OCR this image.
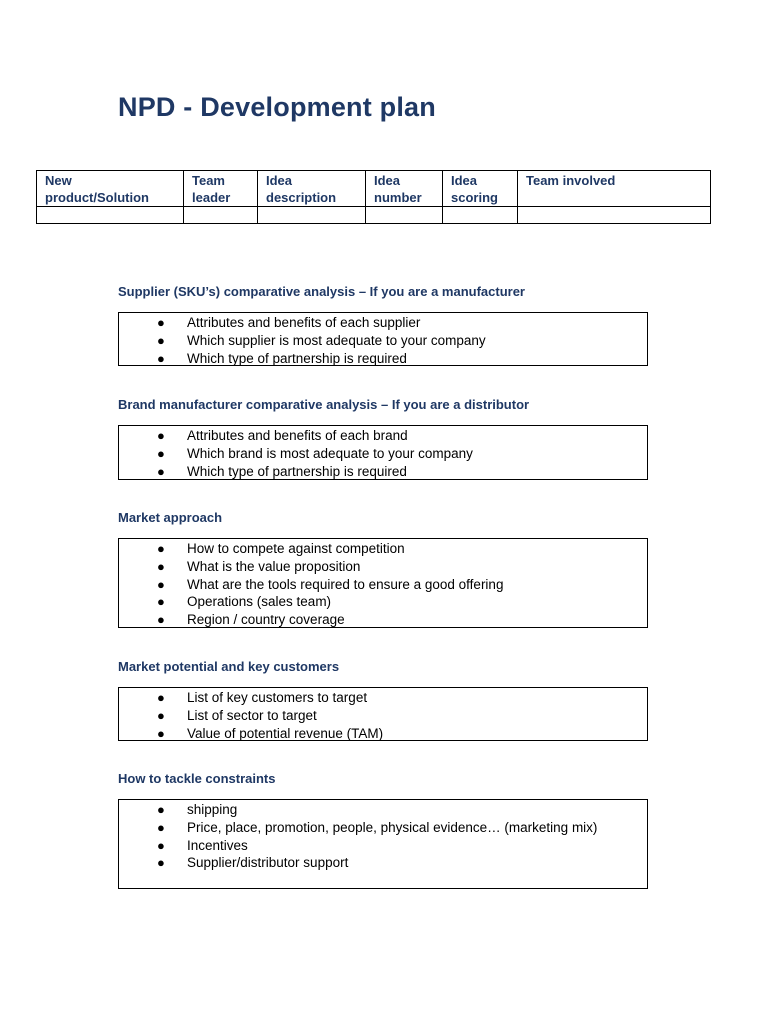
NPD - Development plan
New product/Solution	Team leader	Idea description	Idea number	Idea scoring	Team involved

Supplier (SKU’s) comparative analysis – If you are a manufacturer
● Attributes and benefits of each supplier
● Which supplier is most adequate to your company
● Which type of partnership is required
Brand manufacturer comparative analysis – If you are a distributor
● Attributes and benefits of each brand
● Which brand is most adequate to your company
● Which type of partnership is required
Market approach
● How to compete against competition
● What is the value proposition
● What are the tools required to ensure a good offering
● Operations (sales team)
● Region / country coverage
Market potential and key customers
● List of key customers to target
● List of sector to target
● Value of potential revenue (TAM)
How to tackle constraints
● shipping
● Price, place, promotion, people, physical evidence… (marketing mix)
● Incentives
● Supplier/distributor support
